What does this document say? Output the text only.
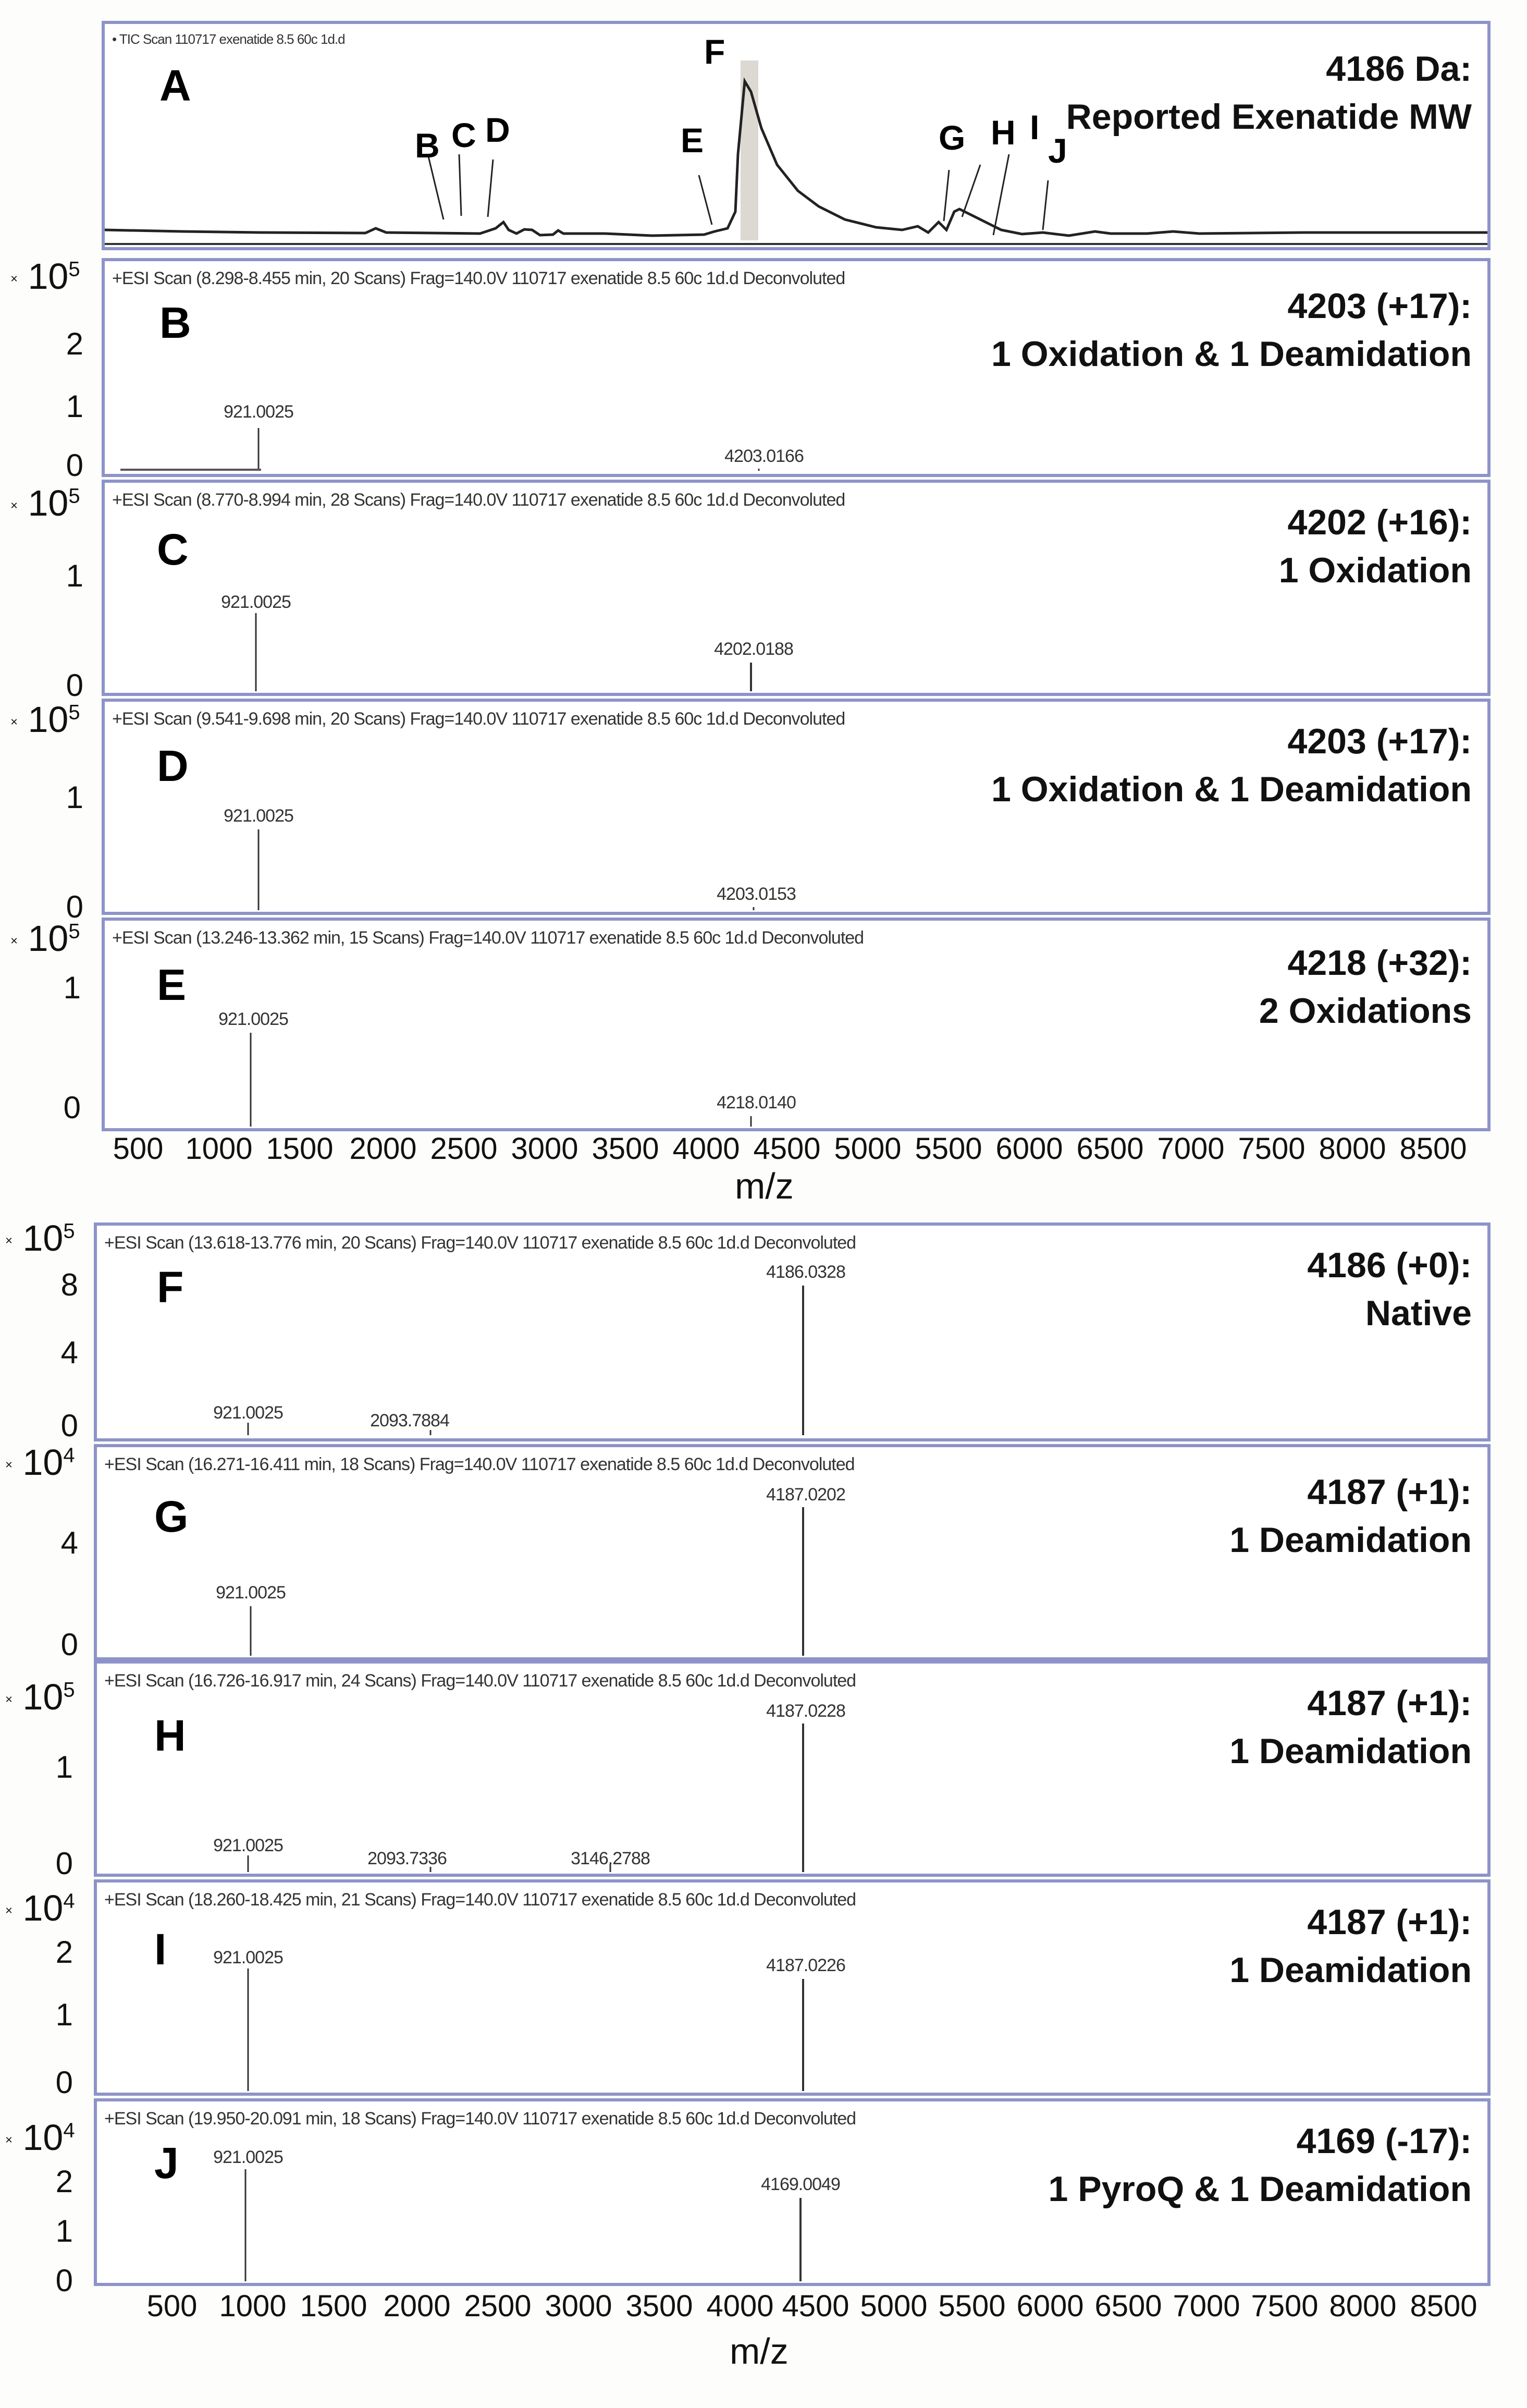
• TIC Scan 110717 exenatide 8.5 60c 1d.d
A	4186 Da:
Reported Exenatide MW
B C D	E
F
G H I
J
× $10^5$
2
1
0
+ESI Scan (8.298-8.455 min, 20 Scans) Frag=140.0V 110717 exenatide 8.5 60c 1d.d Deconvoluted
B	4203 (+17):
1 Oxidation & 1 Deamidation
921.0025
4203.0166
× $10^5$
1
0
+ESI Scan (8.770-8.994 min, 28 Scans) Frag=140.0V 110717 exenatide 8.5 60c 1d.d Deconvoluted
C
4202 (+16):
1 Oxidation
921.0025
4202.0188
× $10^5$
1
0
+ESI Scan (9.541-9.698 min, 20 Scans) Frag=140.0V 110717 exenatide 8.5 60c 1d.d Deconvoluted
D	4203 (+17):
1 Oxidation & 1 Deamidation
921.0025
4203.0153
× $10^5$
1
0
+ESI Scan (13.246-13.362 min, 15 Scans) Frag=140.0V 110717 exenatide 8.5 60c 1d.d Deconvoluted
E	4218 (+32):
2 Oxidations
921.0025
4218.0140
500 1000 1500 2000 2500 3000 3500 4000 4500 5000 5500 6000 6500 7000 7500 8000 8500
m/z
× $10^5$
8
4
0
+ESI Scan (13.618-13.776 min, 20 Scans) Frag=140.0V 110717 exenatide 8.5 60c 1d.d Deconvoluted
F	4186 (+0):
Native
921.0025	2093.7884
4186.0328
× $10^4$
4
0
+ESI Scan (16.271-16.411 min, 18 Scans) Frag=140.0V 110717 exenatide 8.5 60c 1d.d Deconvoluted
G	4187 (+1):
1 Deamidation
921.0025
4187.0202
× $10^5$
1
0
+ESI Scan (16.726-16.917 min, 24 Scans) Frag=140.0V 110717 exenatide 8.5 60c 1d.d Deconvoluted
H
4187 (+1):
1 Deamidation
921.0025
2093.7336	3146.2788
4187.0228
× $10^4$
2
1
0
+ESI Scan (18.260-18.425 min, 21 Scans) Frag=140.0V 110717 exenatide 8.5 60c 1d.d Deconvoluted
I
4187 (+1):
1 Deamidation
921.0025	4187.0226
× $10^4$
2
1
0
+ESI Scan (19.950-20.091 min, 18 Scans) Frag=140.0V 110717 exenatide 8.5 60c 1d.d Deconvoluted
J	4169 (-17):
1 PyroQ & 1 Deamidation
921.0025
4169.0049
500 1000 1500 2000 2500 3000 3500 4000 4500 5000 5500 6000 6500 7000 7500 8000 8500
m/z
